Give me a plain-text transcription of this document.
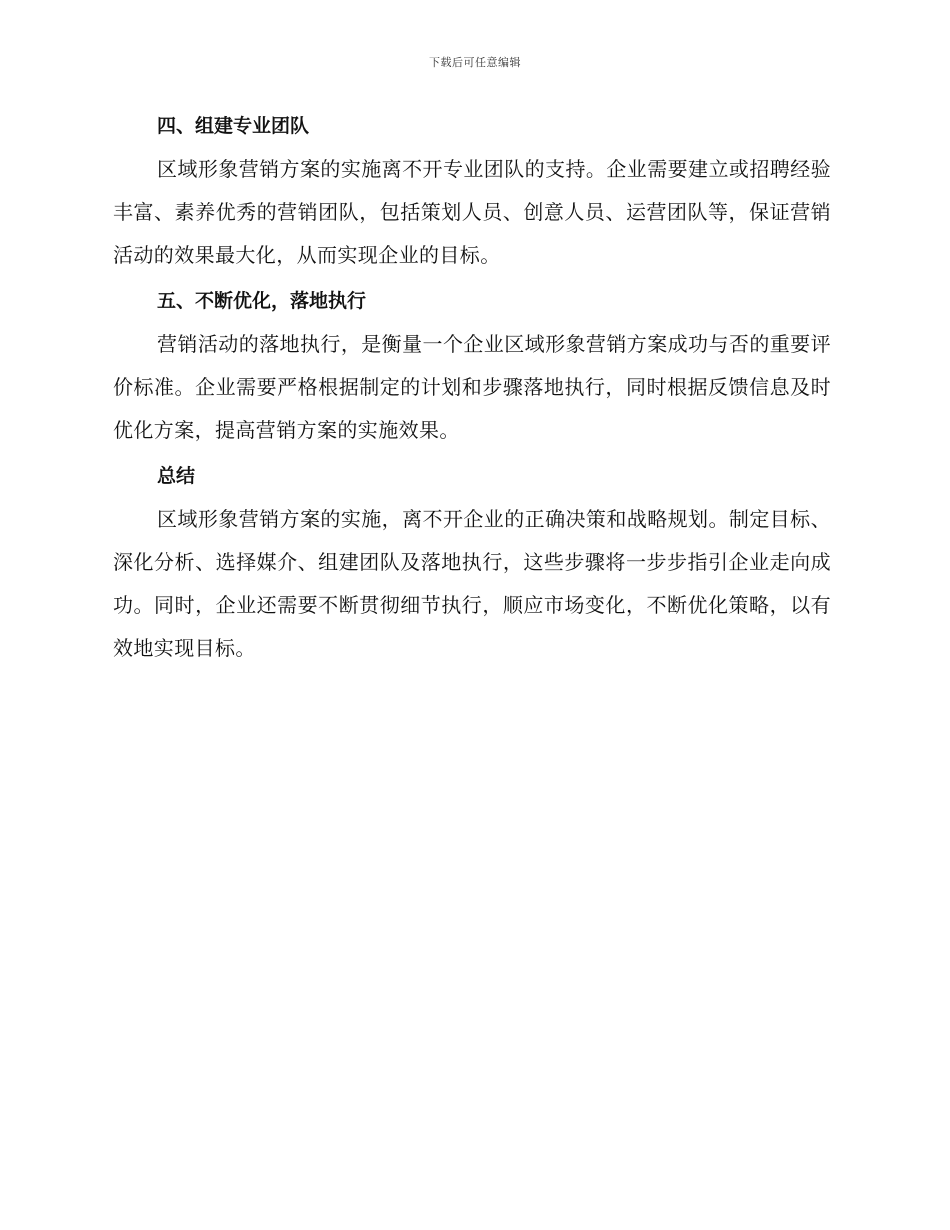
下载后可任意编辑
四、组建专业团队

区域形象营销方案的实施离不开专业团队的支持。企业需要建立或招聘经验丰富、素养优秀的营销团队，包括策划人员、创意人员、运营团队等，保证营销活动的效果最大化，从而实现企业的目标。

五、不断优化，落地执行

营销活动的落地执行，是衡量一个企业区域形象营销方案成功与否的重要评价标准。企业需要严格根据制定的计划和步骤落地执行，同时根据反馈信息及时优化方案，提高营销方案的实施效果。

总结

区域形象营销方案的实施，离不开企业的正确决策和战略规划。制定目标、深化分析、选择媒介、组建团队及落地执行，这些步骤将一步步指引企业走向成功。同时，企业还需要不断贯彻细节执行，顺应市场变化，不断优化策略，以有效地实现目标。
